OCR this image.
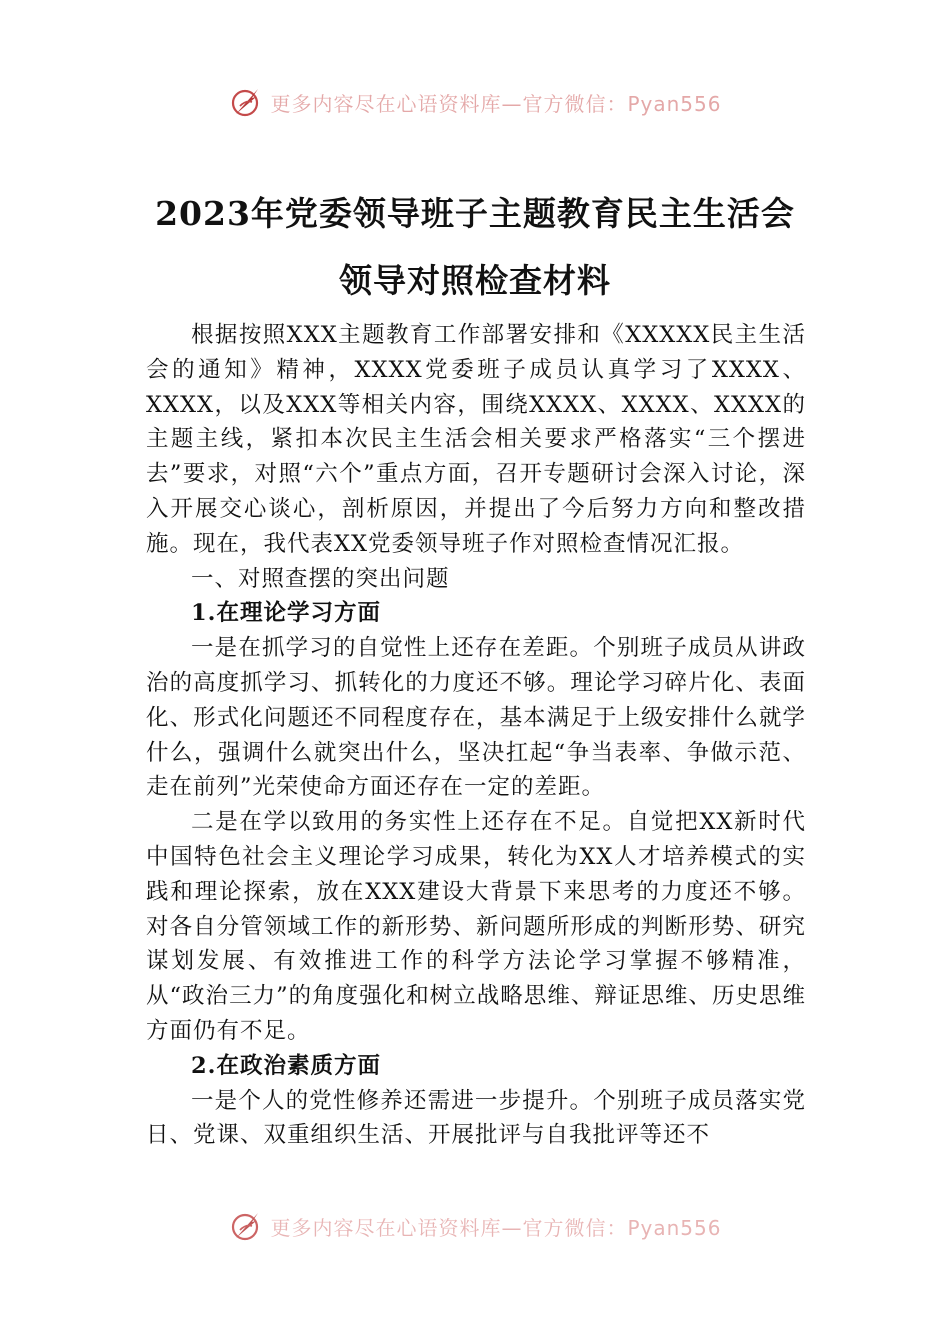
更多内容尽在心语资料库—官方微信：Pyan556
2023年党委领导班子主题教育民主生活会
领导对照检查材料

根据按照XXX主题教育工作部署安排和《XXXXX民主生活会的通知》精神，XXXX党委班子成员认真学习了XXXX、XXXX，以及XXX等相关内容，围绕XXXX、XXXX、XXXX的主题主线，紧扣本次民主生活会相关要求严格落实“三个摆进去”要求，对照“六个”重点方面，召开专题研讨会深入讨论，深入开展交心谈心，剖析原因，并提出了今后努力方向和整改措施。现在，我代表XX党委领导班子作对照检查情况汇报。

一、对照查摆的突出问题

1.在理论学习方面

一是在抓学习的自觉性上还存在差距。个别班子成员从讲政治的高度抓学习、抓转化的力度还不够。理论学习碎片化、表面化、形式化问题还不同程度存在，基本满足于上级安排什么就学什么，强调什么就突出什么，坚决扛起“争当表率、争做示范、走在前列”光荣使命方面还存在一定的差距。

二是在学以致用的务实性上还存在不足。自觉把XX新时代中国特色社会主义理论学习成果，转化为XX人才培养模式的实践和理论探索，放在XXX建设大背景下来思考的力度还不够。对各自分管领域工作的新形势、新问题所形成的判断形势、研究谋划发展、有效推进工作的科学方法论学习掌握不够精准，从“政治三力”的角度强化和树立战略思维、辩证思维、历史思维方面仍有不足。

2.在政治素质方面

一是个人的党性修养还需进一步提升。个别班子成员落实党日、党课、双重组织生活、开展批评与自我批评等还不

更多内容尽在心语资料库—官方微信：Pyan556
